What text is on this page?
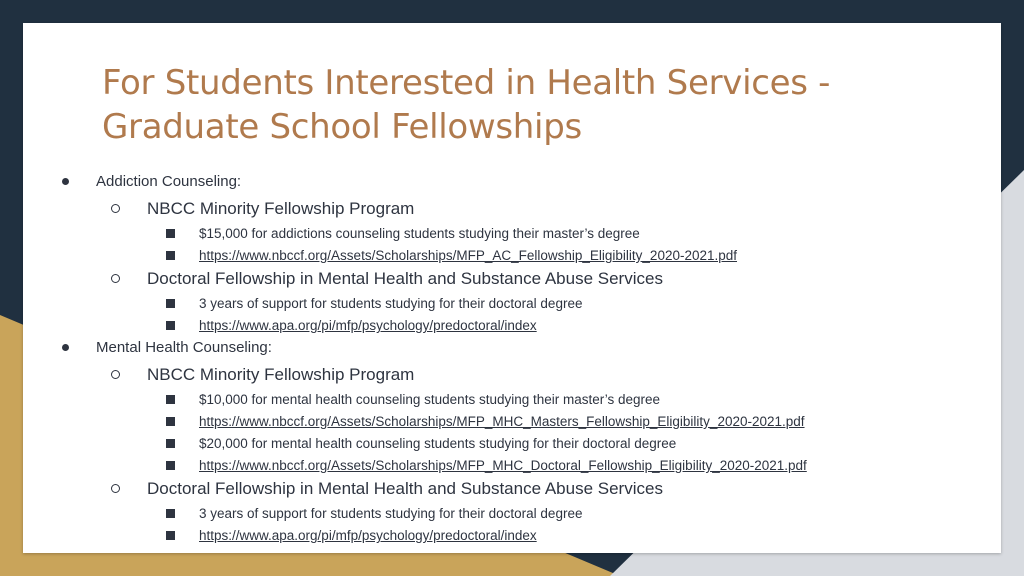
For Students Interested in Health Services -
Graduate School Fellowships
Addiction Counseling:
NBCC Minority Fellowship Program
$15,000 for addictions counseling students studying their master’s degree
https://www.nbccf.org/Assets/Scholarships/MFP_AC_Fellowship_Eligibility_2020-2021.pdf
Doctoral Fellowship in Mental Health and Substance Abuse Services
3 years of support for students studying for their doctoral degree
https://www.apa.org/pi/mfp/psychology/predoctoral/index
Mental Health Counseling:
NBCC Minority Fellowship Program
$10,000 for mental health counseling students studying their master’s degree
https://www.nbccf.org/Assets/Scholarships/MFP_MHC_Masters_Fellowship_Eligibility_2020-2021.pdf
$20,000 for mental health counseling students studying for their doctoral degree
https://www.nbccf.org/Assets/Scholarships/MFP_MHC_Doctoral_Fellowship_Eligibility_2020-2021.pdf
Doctoral Fellowship in Mental Health and Substance Abuse Services
3 years of support for students studying for their doctoral degree
https://www.apa.org/pi/mfp/psychology/predoctoral/index
